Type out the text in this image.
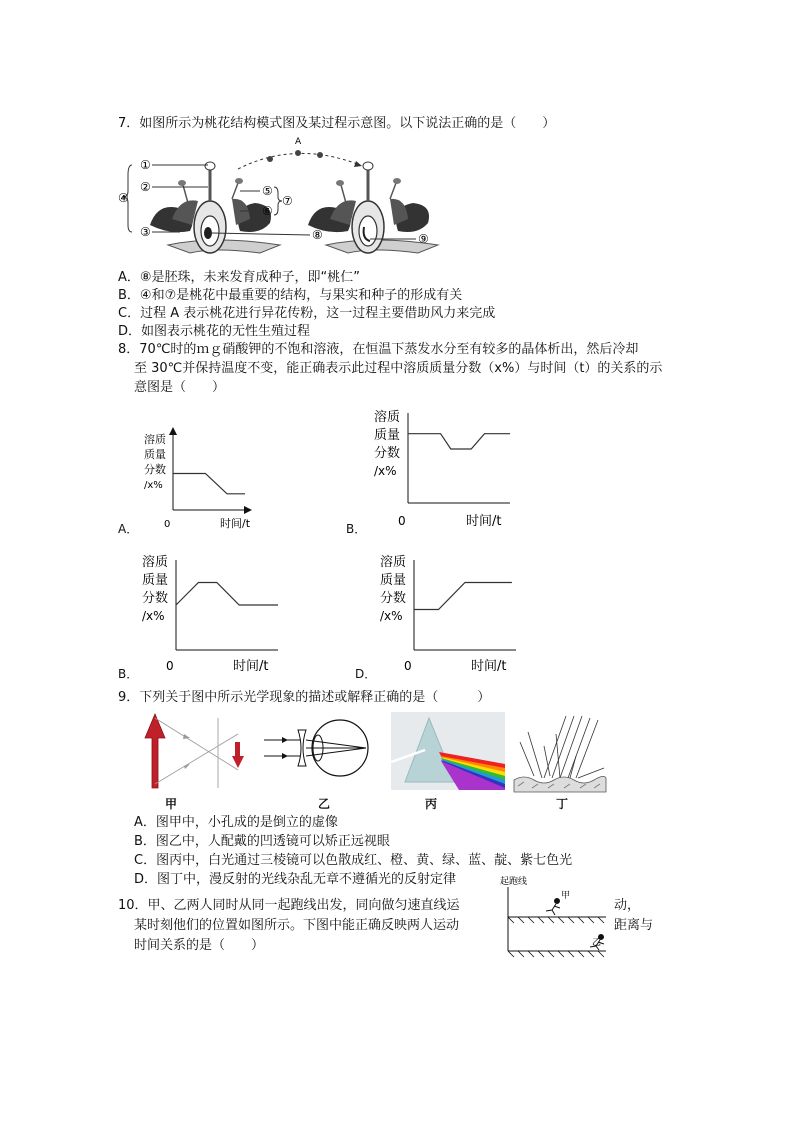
7．如图所示为桃花结构模式图及某过程示意图。以下说法正确的是（　　）
A
①
②
③
④	⑤
⑥
⑦
⑧	⑨
A．⑧是胚珠，未来发育成种子，即“桃仁”
B．④和⑦是桃花中最重要的结构，与果实和种子的形成有关
C．过程 A 表示桃花进行异花传粉，这一过程主要借助风力来完成
D．如图表示桃花的无性生殖过程
8．70℃时的ｍｇ硝酸钾的不饱和溶液，在恒温下蒸发水分至有较多的晶体析出，然后冷却
至 30℃并保持温度不变，能正确表示此过程中溶质质量分数（x%）与时间（t）的关系的示
意图是（　　）
溶质
质量
分数
/x%
0	时间/t
A．
溶质
质量
分数
/x%
0	时间/t
B．
溶质
质量
分数
/x%
0	时间/t
B．
溶质
质量
分数
/x%
0	时间/t
D．
9．下列关于图中所示光学现象的描述或解释正确的是（　　　）
甲	乙	丙	丁
A．图甲中，小孔成的是倒立的虚像
B．图乙中，人配戴的凹透镜可以矫正远视眼
C．图丙中，白光通过三棱镜可以色散成红、橙、黄、绿、蓝、靛、紫七色光
D．图丁中，漫反射的光线杂乱无章不遵循光的反射定律
10．甲、乙两人同时从同一起跑线出发，同向做匀速直线运
某时刻他们的位置如图所示。下图中能正确反映两人运动
时间关系的是（　　）
动，
距离与
起跑线
甲
乙
